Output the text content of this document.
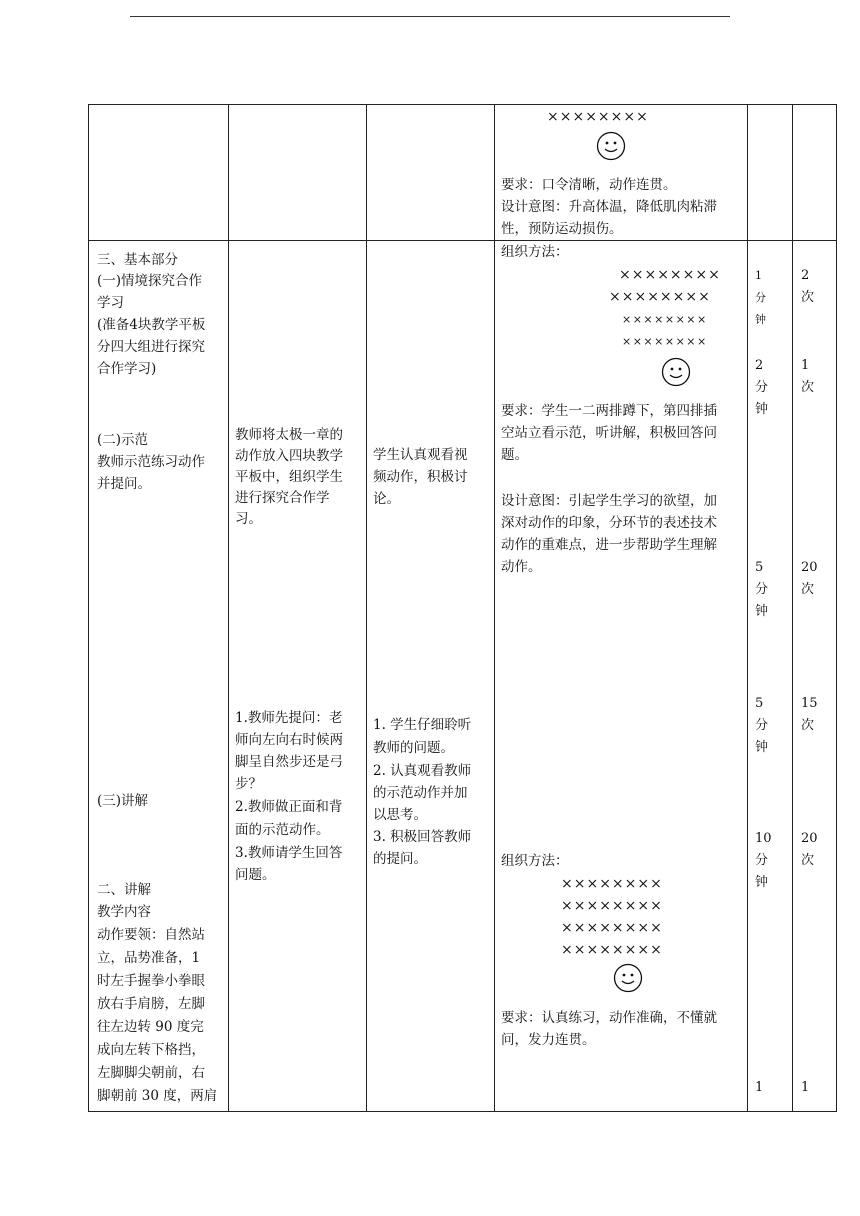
××××××××
要求：口令清晰，动作连贯。
设计意图：升高体温，降低肌肉粘滞
性，预防运动损伤。
三、基本部分
(一)情境探究合作
学习
(准备4块教学平板
分四大组进行探究
合作学习)
(二)示范
教师示范练习动作
并提问。
(三)讲解
二、讲解
教学内容
动作要领：自然站
立，品势准备，1
时左手握拳小拳眼
放右手肩膀，左脚
往左边转 90 度完
成向左转下格挡，
左脚脚尖朝前，右
脚朝前 30 度，两肩
教师将太极一章的
动作放入四块教学
平板中，组织学生
进行探究合作学
习。
1.教师先提问：老
师向左向右时候两
脚呈自然步还是弓
步？
2.教师做正面和背
面的示范动作。
3.教师请学生回答
问题。
学生认真观看视
频动作，积极讨
论。
1. 学生仔细聆听
教师的问题。
2. 认真观看教师
的示范动作并加
以思考。
3. 积极回答教师
的提问。
组织方法：
××××××××
××××××××
××××××××
××××××××
要求：学生一二两排蹲下，第四排插
空站立看示范，听讲解，积极回答问
题。
设计意图：引起学生学习的欲望，加
深对动作的印象，分环节的表述技术
动作的重难点，进一步帮助学生理解
动作。
组织方法：
××××××××
××××××××
××××××××
××××××××
要求：认真练习，动作准确，不懂就
问，发力连贯。
1
分
钟
2
分
钟
5
分
钟
5
分
钟
10
分
钟
1
2
次
1
次
20
次
15
次
20
次
1
